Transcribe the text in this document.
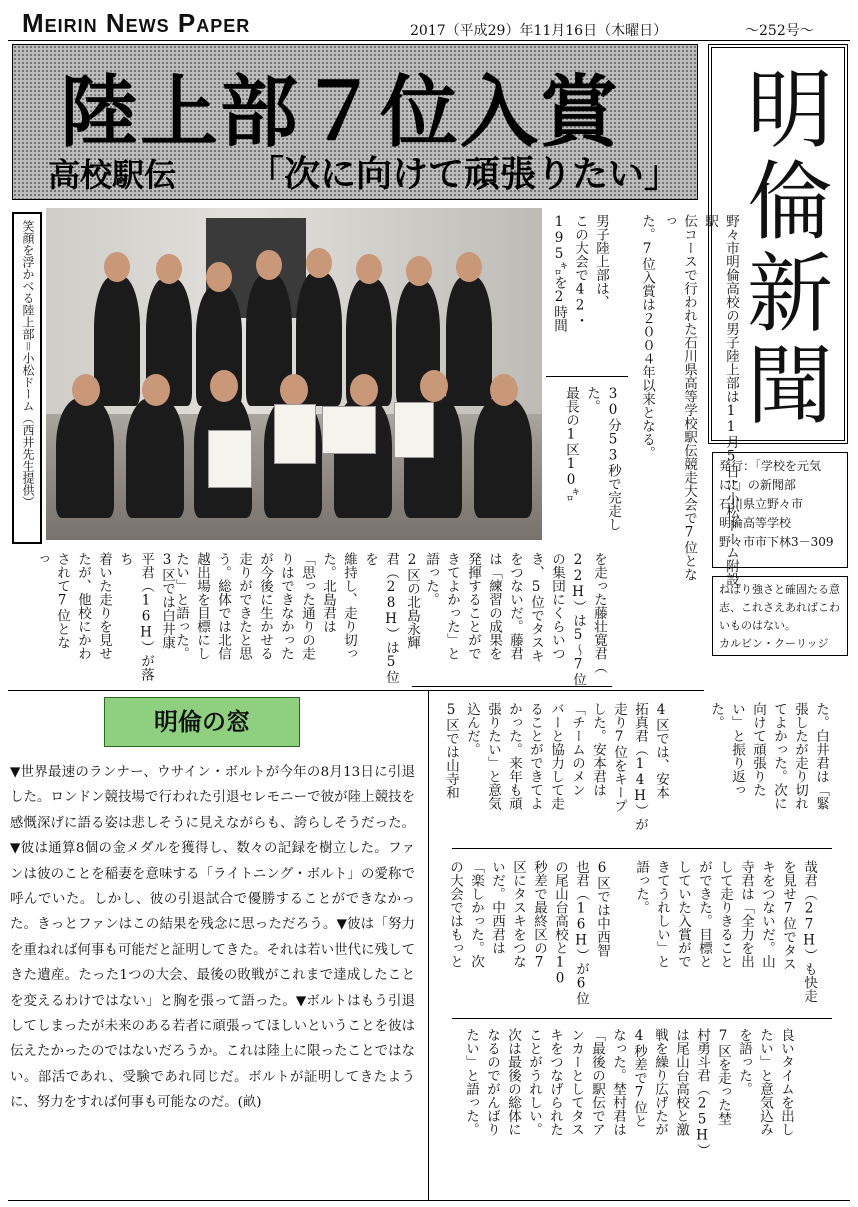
Meirin News Paper	2017（平成29）年11月16日（木曜日）	～252号～
陸上部７位入賞
高校駅伝 「次に向けて頑張りたい」 明倫新聞
発行：「学校を元気に!」の新聞部
石川県立野々市
明倫高等学校
野々市市下林3－309
ねばり強さと確固たる意志、これさえあればこわいものはない。
カルビン・クーリッジ
笑顔を浮かべる陸上部＝小松ドーム（西井先生提供）	野々市明倫高校の男子陸上部は11月5日に小松ドーム附設駅
伝コースで行われた石川県高等学校駅伝競走大会で7位となっ
た。7位入賞は２００４年以来となる。
男子陸上部は、
この大会で42・
195㌔を2時間
30分53秒で完走し
た。
最長の1区10㌔
を走った藤壮寛君（
22H）は5～7位
の集団にくらいつ
き、5位でタスキ
をつないだ。藤君
は「練習の成果を
発揮することがで
きてよかった」と
語った。
2区の北島永輝
君（28H）は5位を
維持し、走り切っ
た。北島君は
「思った通りの走
りはできなかった
が今後に生かせる
走りができたと思
う。総体では北信
越出場を目標にし
たい」と語った。
3区では白井康
平君（16H）が落ち
着いた走りを見せ
たが、他校にかわ
されて7位とな
っ
た。白井君は「緊
張したが走り切れ
てよかった。次に
向けて頑張りた
い」と振り返っ
た。
4区では、安本
拓真君（14H）が
走り7位をキープ
した。安本君は
「チームのメン
バーと協力して走
ることができてよ
かった。来年も頑
張りたい」と意気
込んだ。
5区では山寺和
哉君（27H）も快走
を見せ7位でタス
キをつないだ。山
寺君は「全力を出
して走りきること
ができた。目標と
していた入賞がで
きてうれしい」と
語った。
6区では中西智
也君（16H）が6位
の尾山台高校と10
秒差で最終区の7
区にタスキをつな
いだ。中西君は
「楽しかった。次
の大会ではもっと
良いタイムを出し
たい」と意気込み
を語った。
7区を走った埜
村勇斗君（25H）
は尾山台高校と激
戦を繰り広げたが
4秒差で7位と
なった。埜村君は
「最後の駅伝でア
ンカーとしてタス
キをつなげられた
ことがうれしい。
次は最後の総体に
なるのでがんばり
たい」と語った。
明倫の窓
▼世界最速のランナー、ウサイン・ボルトが今年の8月13日に引退した。ロンドン競技場で行われた引退セレモニーで彼が陸上競技を感慨深げに語る姿は悲しそうに見えながらも、誇らしそうだった。▼彼は通算8個の金メダルを獲得し、数々の記録を樹立した。ファンは彼のことを稲妻を意味する「ライトニング・ボルト」の愛称で呼んでいた。しかし、彼の引退試合で優勝することができなかった。きっとファンはこの結果を残念に思っただろう。▼彼は「努力を重ねれば何事も可能だと証明してきた。それは若い世代に残してきた遺産。たった1つの大会、最後の敗戦がこれまで達成したことを変えるわけではない」と胸を張って語った。▼ボルトはもう引退してしまったが未来のある若者に頑張ってほしいということを彼は伝えたかったのではないだろうか。これは陸上に限ったことではない。部活であれ、受験であれ同じだ。ボルトが証明してきたように、努力をすれば何事も可能なのだ。(畝)
